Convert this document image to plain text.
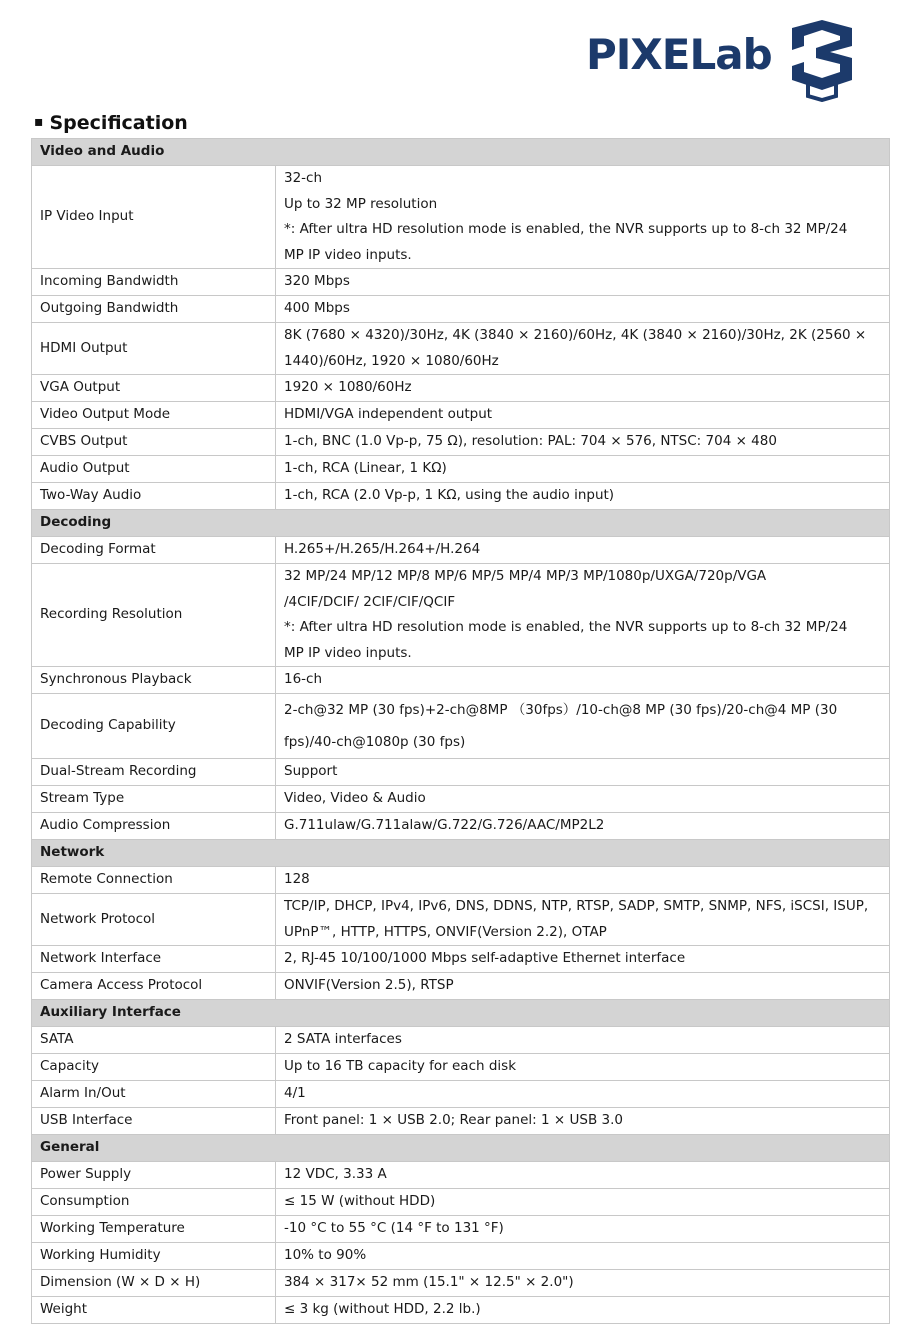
PIXELab
▪ Specification
Video and Audio	
IP Video Input	32-ch
Up to 32 MP resolution
*: After ultra HD resolution mode is enabled, the NVR supports up to 8-ch 32 MP/24
MP IP video inputs.

Incoming Bandwidth	320 Mbps

Outgoing Bandwidth	400 Mbps

HDMI Output	8K (7680 × 4320)/30Hz, 4K (3840 × 2160)/60Hz, 4K (3840 × 2160)/30Hz, 2K (2560 ×
1440)/60Hz, 1920 × 1080/60Hz

VGA Output	1920 × 1080/60Hz

Video Output Mode	HDMI/VGA independent output

CVBS Output	1-ch, BNC (1.0 Vp-p, 75 Ω), resolution: PAL: 704 × 576, NTSC: 704 × 480

Audio Output	1-ch, RCA (Linear, 1 KΩ)

Two-Way Audio	1-ch, RCA (2.0 Vp-p, 1 KΩ, using the audio input)

Decoding	
Decoding Format	H.265+/H.265/H.264+/H.264

Recording Resolution	32 MP/24 MP/12 MP/8 MP/6 MP/5 MP/4 MP/3 MP/1080p/UXGA/720p/VGA
/4CIF/DCIF/ 2CIF/CIF/QCIF
*: After ultra HD resolution mode is enabled, the NVR supports up to 8-ch 32 MP/24
MP IP video inputs.

Synchronous Playback	16-ch

Decoding Capability	2-ch@32 MP (30 fps)+2-ch@8MP （30fps）/10-ch@8 MP (30 fps)/20-ch@4 MP (30
fps)/40-ch@1080p (30 fps)

Dual-Stream Recording	Support

Stream Type	Video, Video & Audio

Audio Compression	G.711ulaw/G.711alaw/G.722/G.726/AAC/MP2L2

Network	
Remote Connection	128

Network Protocol	TCP/IP, DHCP, IPv4, IPv6, DNS, DDNS, NTP, RTSP, SADP, SMTP, SNMP, NFS, iSCSI, ISUP,
UPnP™, HTTP, HTTPS, ONVIF(Version 2.2), OTAP

Network Interface	2, RJ-45 10/100/1000 Mbps self-adaptive Ethernet interface

Camera Access Protocol	ONVIF(Version 2.5), RTSP

Auxiliary Interface	
SATA	2 SATA interfaces

Capacity	Up to 16 TB capacity for each disk

Alarm In/Out	4/1

USB Interface	Front panel: 1 × USB 2.0; Rear panel: 1 × USB 3.0

General	
Power Supply	12 VDC, 3.33 A

Consumption	≤ 15 W (without HDD)

Working Temperature	-10 °C to 55 °C (14 °F to 131 °F)

Working Humidity	10% to 90%

Dimension (W × D × H)	384 × 317× 52 mm (15.1" × 12.5" × 2.0")

Weight	≤ 3 kg (without HDD, 2.2 lb.)
